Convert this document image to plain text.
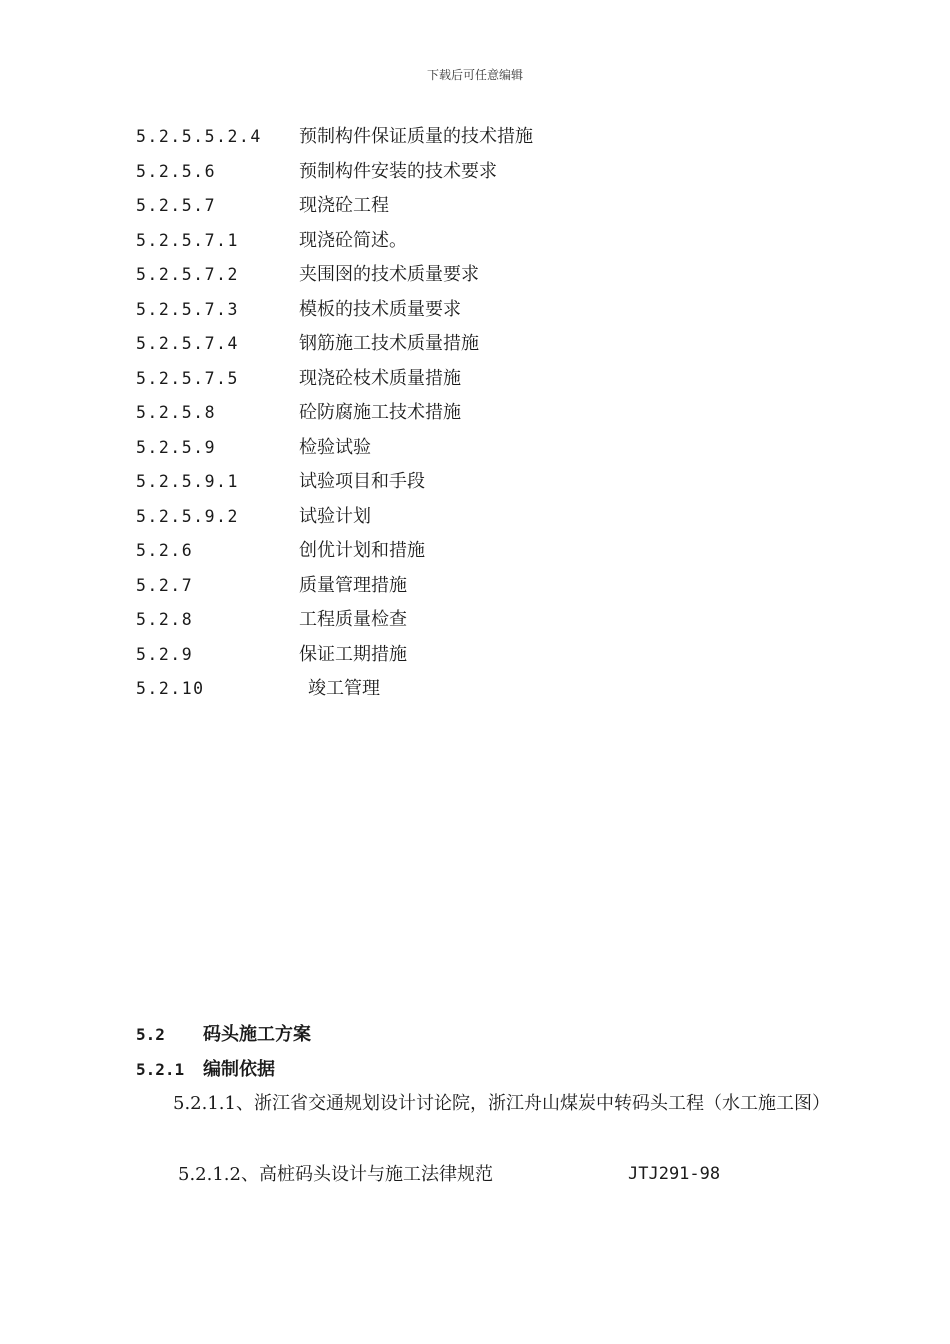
下载后可任意编辑
5.2.5.5.2.4 预制构件保证质量的技术措施
5.2.5.6	预制构件安装的技术要求
5.2.5.7	现浇砼工程
5.2.5.7.1	现浇砼简述。
5.2.5.7.2	夹围囹的技术质量要求
5.2.5.7.3	模板的技术质量要求
5.2.5.7.4	钢筋施工技术质量措施
5.2.5.7.5	现浇砼枝术质量措施
5.2.5.8	砼防腐施工技术措施
5.2.5.9	检验试验
5.2.5.9.1	试验项目和手段
5.2.5.9.2	试验计划
5.2.6	创优计划和措施
5.2.7	质量管理措施
5.2.8	工程质量检查
5.2.9	保证工期措施
5.2.10	竣工管理
5.2 码头施工方案
5.2.1 编制依据
5.2.1.1、浙江省交通规划设计讨论院，浙江舟山煤炭中转码头工程（水工施工图）
5.2.1.2、高桩码头设计与施工法律规范	JTJ291-98
